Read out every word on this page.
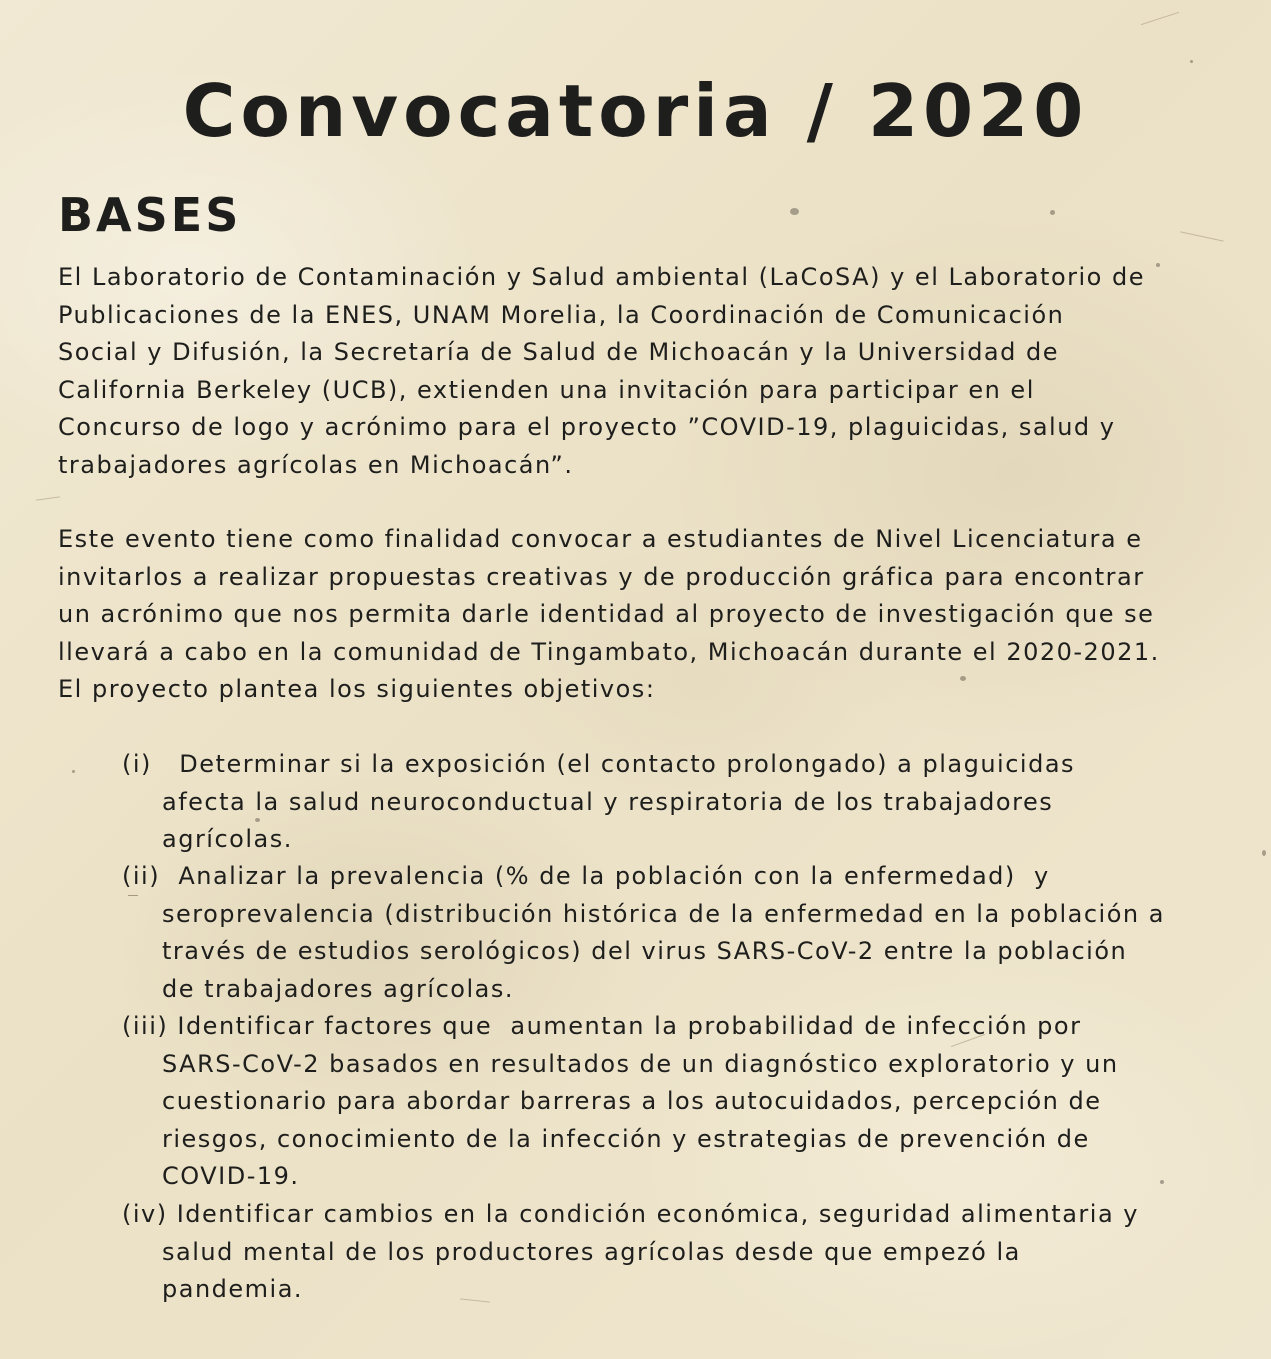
Convocatoria / 2020
BASES

El Laboratorio de Contaminación y Salud ambiental (LaCoSA) y el Laboratorio de
Publicaciones de la ENES, UNAM Morelia, la Coordinación de Comunicación
Social y Difusión, la Secretaría de Salud de Michoacán y la Universidad de
California Berkeley (UCB), extienden una invitación para participar en el
Concurso de logo y acrónimo para el proyecto ”COVID-19, plaguicidas, salud y
trabajadores agrícolas en Michoacán”.

Este evento tiene como finalidad convocar a estudiantes de Nivel Licenciatura e
invitarlos a realizar propuestas creativas y de producción gráfica para encontrar
un acrónimo que nos permita darle identidad al proyecto de investigación que se
llevará a cabo en la comunidad de Tingambato, Michoacán durante el 2020-2021.
El proyecto plantea los siguientes objetivos:

(i)   Determinar si la exposición (el contacto prolongado) a plaguicidas
afecta la salud neuroconductual y respiratoria de los trabajadores
agrícolas.
(ii)  Analizar la prevalencia (% de la población con la enfermedad)  y
seroprevalencia (distribución histórica de la enfermedad en la población a
través de estudios serológicos) del virus SARS-CoV-2 entre la población
de trabajadores agrícolas.
(iii) Identificar factores que  aumentan la probabilidad de infección por
SARS-CoV-2 basados en resultados de un diagnóstico exploratorio y un
cuestionario para abordar barreras a los autocuidados, percepción de
riesgos, conocimiento de la infección y estrategias de prevención de
COVID-19.
(iv) Identificar cambios en la condición económica, seguridad alimentaria y
salud mental de los productores agrícolas desde que empezó la
pandemia.
